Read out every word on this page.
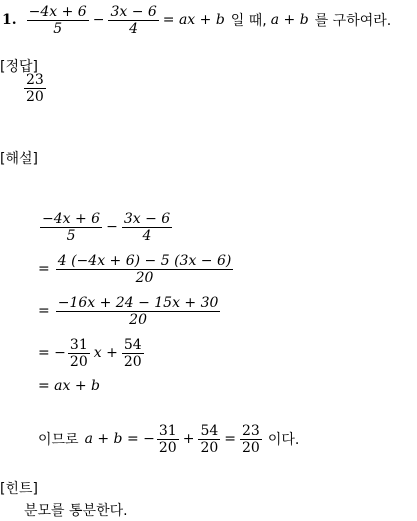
1. $\frac{-4x + 6}{5} - \frac{3x - 6}{4}$ = ax + b 일 때, a + b 를 구하여라.
[정답]
$\frac{23}{20}$
[해설]
$\frac{-4x + 6}{5} - \frac{3x - 6}{4}$
= $\frac{4 (-4x + 6) - 5 (3x - 6)}{20}$
= $\frac{-16x + 24 - 15x + 30}{20}$
= − $\frac{31}{20}$ $x + \frac{54}{20}$
= ax + b
이므로 a + b = − $\frac{31}{20} + \frac{54}{20} = \frac{23}{20}$ 이다.
[힌트]
분모를 통분한다.
